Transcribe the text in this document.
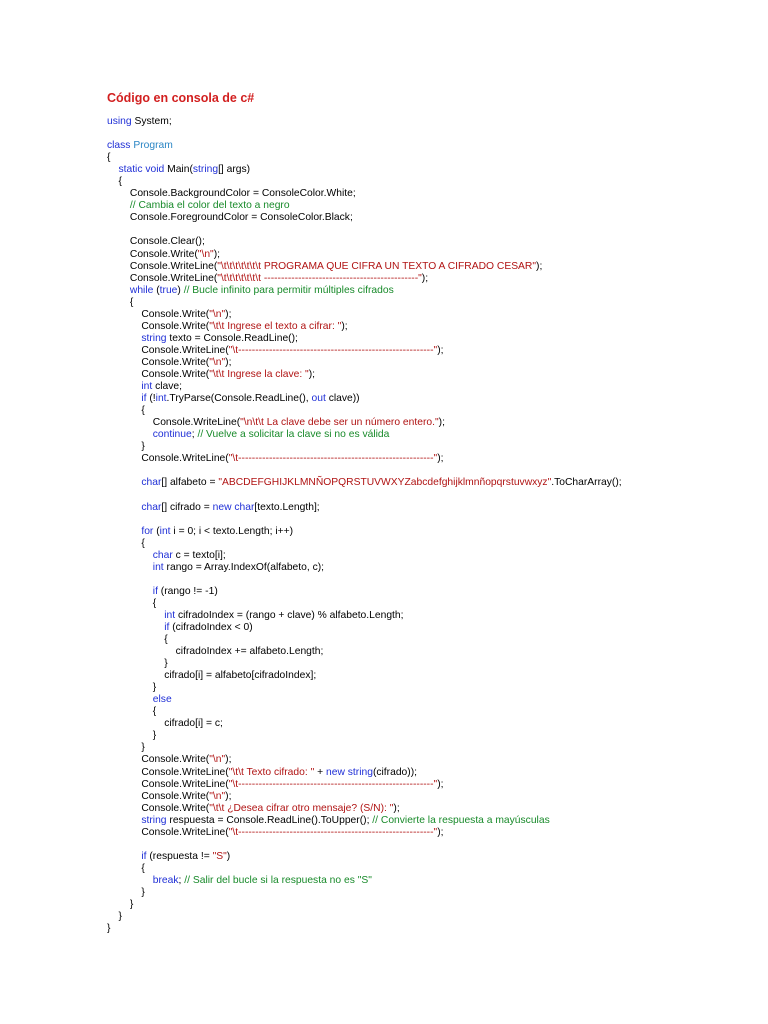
Código en consola de c#
using System;

class Program
{
static void Main(string[] args)
{
Console.BackgroundColor = ConsoleColor.White;
// Cambia el color del texto a negro
Console.ForegroundColor = ConsoleColor.Black;

Console.Clear();
Console.Write("\n");
Console.WriteLine("\t\t\t\t\t\t\t PROGRAMA QUE CIFRA UN TEXTO A CIFRADO CESAR");
Console.WriteLine("\t\t\t\t\t\t\t ---------------------------------------------");
while (true) // Bucle infinito para permitir múltiples cifrados
{
Console.Write("\n");
Console.Write("\t\t Ingrese el texto a cifrar: ");
string texto = Console.ReadLine();
Console.WriteLine("\t---------------------------------------------------------");
Console.Write("\n");
Console.Write("\t\t Ingrese la clave: ");
int clave;
if (!int.TryParse(Console.ReadLine(), out clave))
{
Console.WriteLine("\n\t\t La clave debe ser un número entero.");
continue; // Vuelve a solicitar la clave si no es válida
}
Console.WriteLine("\t---------------------------------------------------------");

char[] alfabeto = "ABCDEFGHIJKLMNÑOPQRSTUVWXYZabcdefghijklmnñopqrstuvwxyz".ToCharArray();

char[] cifrado = new char[texto.Length];

for (int i = 0; i < texto.Length; i++)
{
char c = texto[i];
int rango = Array.IndexOf(alfabeto, c);

if (rango != -1)
{
int cifradoIndex = (rango + clave) % alfabeto.Length;
if (cifradoIndex < 0)
{
cifradoIndex += alfabeto.Length;
}
cifrado[i] = alfabeto[cifradoIndex];
}
else
{
cifrado[i] = c;
}
}
Console.Write("\n");
Console.WriteLine("\t\t Texto cifrado: " + new string(cifrado));
Console.WriteLine("\t---------------------------------------------------------");
Console.Write("\n");
Console.Write("\t\t ¿Desea cifrar otro mensaje? (S/N): ");
string respuesta = Console.ReadLine().ToUpper(); // Convierte la respuesta a mayúsculas
Console.WriteLine("\t---------------------------------------------------------");

if (respuesta != "S")
{
break; // Salir del bucle si la respuesta no es "S"
}
}
}
}
